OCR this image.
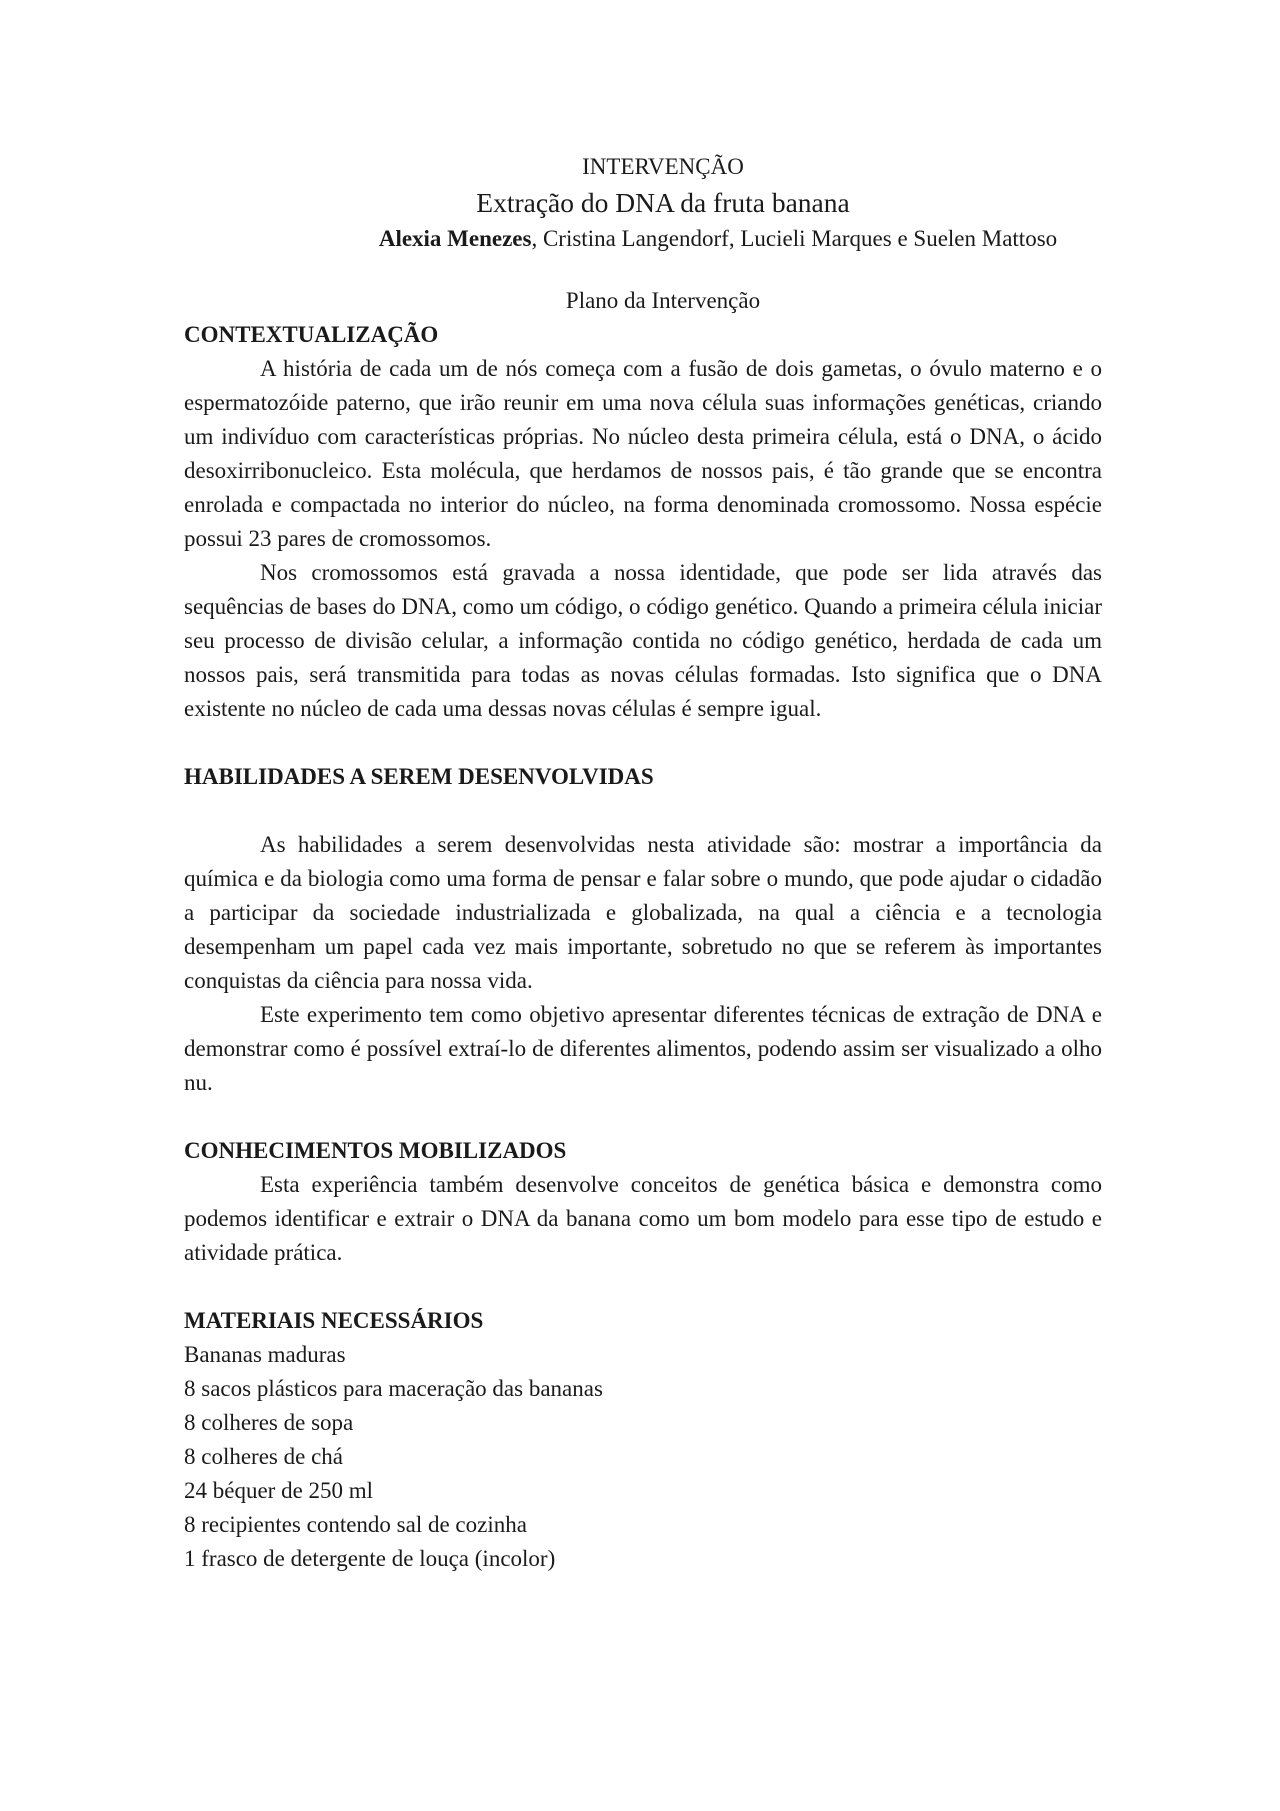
INTERVENÇÃO
Extração do DNA da fruta banana
Alexia Menezes, Cristina Langendorf, Lucieli Marques e Suelen Mattoso
Plano da Intervenção
CONTEXTUALIZAÇÃO

A história de cada um de nós começa com a fusão de dois gametas, o óvulo materno e o espermatozóide paterno, que irão reunir em uma nova célula suas informações genéticas, criando um indivíduo com características próprias. No núcleo desta primeira célula, está o DNA, o ácido desoxirribonucleico. Esta molécula, que herdamos de nossos pais, é tão grande que se encontra enrolada e compactada no interior do núcleo, na forma denominada cromossomo. Nossa espécie possui 23 pares de cromossomos.

Nos cromossomos está gravada a nossa identidade, que pode ser lida através das sequências de bases do DNA, como um código, o código genético. Quando a primeira célula iniciar seu processo de divisão celular, a informação contida no código genético, herdada de cada um nossos pais, será transmitida para todas as novas células formadas. Isto significa que o DNA existente no núcleo de cada uma dessas novas células é sempre igual.

HABILIDADES A SEREM DESENVOLVIDAS

As habilidades a serem desenvolvidas nesta atividade são: mostrar a importância da química e da biologia como uma forma de pensar e falar sobre o mundo, que pode ajudar o cidadão a participar da sociedade industrializada e globalizada, na qual a ciência e a tecnologia desempenham um papel cada vez mais importante, sobretudo no que se referem às importantes conquistas da ciência para nossa vida.

Este experimento tem como objetivo apresentar diferentes técnicas de extração de DNA e demonstrar como é possível extraí-lo de diferentes alimentos, podendo assim ser visualizado a olho nu.

CONHECIMENTOS MOBILIZADOS

Esta experiência também desenvolve conceitos de genética básica e demonstra como podemos identificar e extrair o DNA da banana como um bom modelo para esse tipo de estudo e atividade prática.

MATERIAIS NECESSÁRIOS
Bananas maduras
8 sacos plásticos para maceração das bananas
8 colheres de sopa
8 colheres de chá
24 béquer de 250 ml
8 recipientes contendo sal de cozinha
1 frasco de detergente de louça (incolor)
